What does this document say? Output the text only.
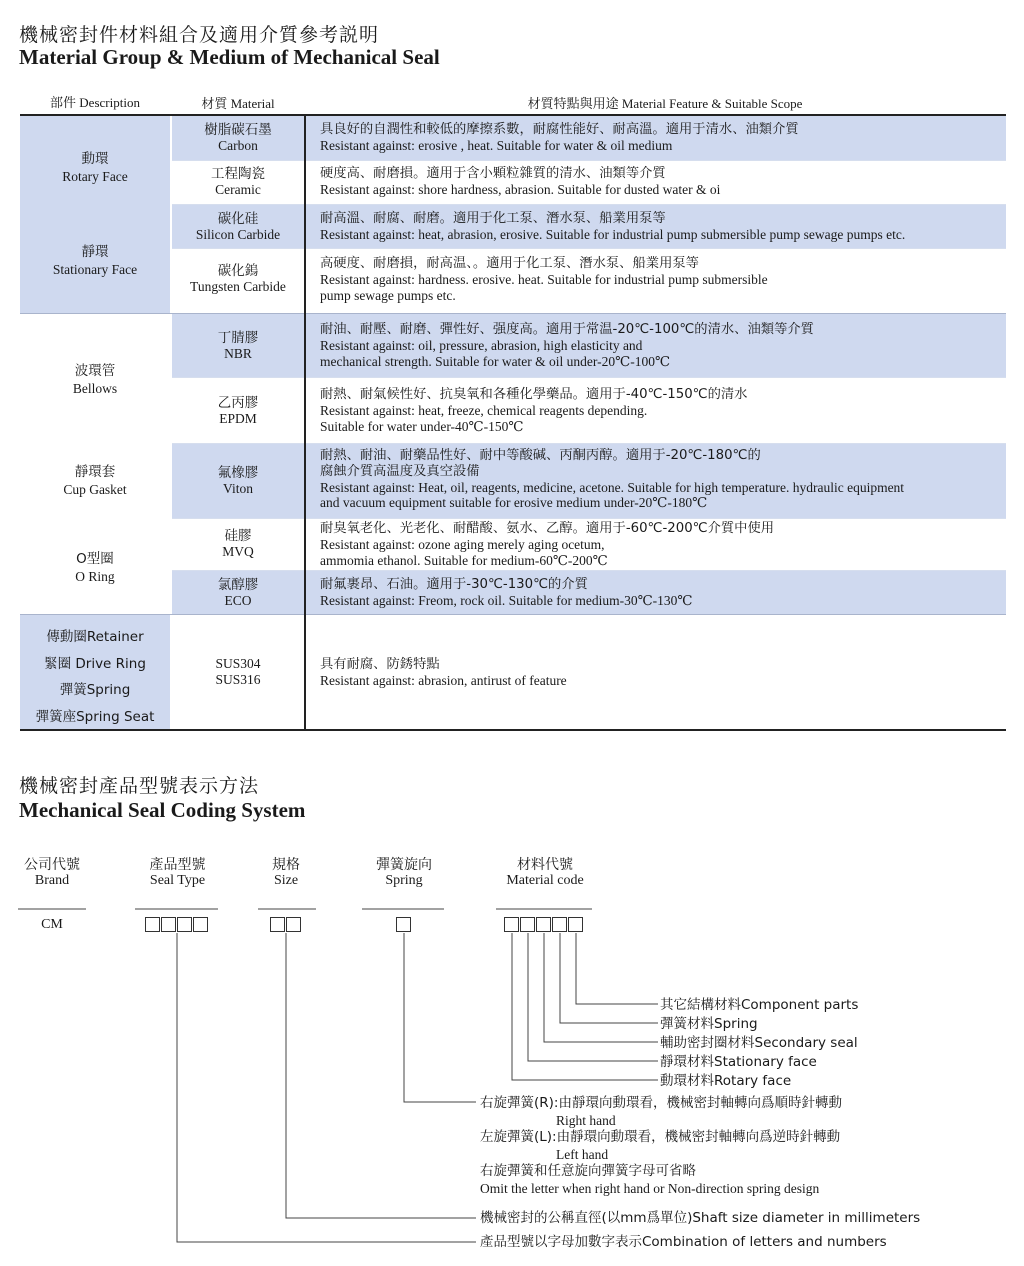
機械密封件材料組合及適用介質參考説明
Material Group & Medium of Mechanical Seal
部件 Description	材質 Material	材質特點與用途 Material Feature & Suitable Scope
動環
Rotary Face
靜環
Stationary Face
波環管
Bellows
靜環套
Cup Gasket
O型圈
O Ring
傳動圈Retainer
緊圈 Drive Ring
彈簧Spring
彈簧座Spring Seat
樹脂碳石墨
Carbon
工程陶瓷
Ceramic
碳化硅
Silicon Carbide
碳化鎢
Tungsten Carbide
丁腈膠
NBR
乙丙膠
EPDM
氟橡膠
Viton
硅膠
MVQ
氯醇膠
ECO
SUS304
SUS316
具良好的自潤性和較低的摩擦系數，耐腐性能好、耐高溫。適用于清水、油類介質
Resistant against: erosive , heat. Suitable for water & oil medium
硬度高、耐磨損。適用于含小顆粒雜質的清水、油類等介質
Resistant against: shore hardness, abrasion. Suitable for dusted water & oi
耐高溫、耐腐、耐磨。適用于化工泵、潛水泵、船業用泵等
Resistant against: heat, abrasion, erosive. Suitable for industrial pump submersible pump sewage pumps etc.
高硬度、耐磨損，耐高温、。適用于化工泵、潛水泵、船業用泵等
Resistant against: hardness. erosive. heat. Suitable for industrial pump submersible
pump sewage pumps etc.
耐油、耐壓、耐磨、彈性好、强度高。適用于常温-20℃-100℃的清水、油類等介質
Resistant against: oil, pressure, abrasion, high elasticity and
mechanical strength. Suitable for water & oil under-20℃-100℃
耐熱、耐氣候性好、抗臭氧和各種化學藥品。適用于-40℃-150℃的清水
Resistant against: heat, freeze, chemical reagents depending.
Suitable for water under-40℃-150℃
耐熱、耐油、耐藥品性好、耐中等酸碱、丙酮丙醇。適用于-20℃-180℃的
腐蝕介質高温度及真空設備
Resistant against: Heat, oil, reagents, medicine, acetone. Suitable for high temperature. hydraulic equipment
and vacuum equipment suitable for erosive medium under-20℃-180℃
耐臭氧老化、光老化、耐醋酸、氨水、乙醇。適用于-60℃-200℃介質中使用
Resistant against: ozone aging merely aging ocetum,
ammomia ethanol. Suitable for medium-60℃-200℃
耐氟裹昂、石油。適用于-30℃-130℃的介質
Resistant against: Freom, rock oil. Suitable for medium-30℃-130℃
具有耐腐、防銹特點
Resistant against: abrasion, antirust of feature
機械密封產品型號表示方法
Mechanical Seal Coding System
公司代號
Brand
產品型號
Seal Type
規格
Size
彈簧旋向
Spring
材料代號
Material code
CM
其它結構材料Component parts
彈簧材料Spring
輔助密封圈材料Secondary seal
靜環材料Stationary face
動環材料Rotary face
右旋彈簧(R):由靜環向動環看，機械密封軸轉向爲順時針轉動
Right hand
左旋彈簧(L):由靜環向動環看，機械密封軸轉向爲逆時針轉動
Left hand
右旋彈簧和任意旋向彈簧字母可省略
Omit the letter when right hand or Non-direction spring design
機械密封的公稱直徑(以mm爲單位)Shaft size diameter in millimeters
產品型號以字母加數字表示Combination of letters and numbers
